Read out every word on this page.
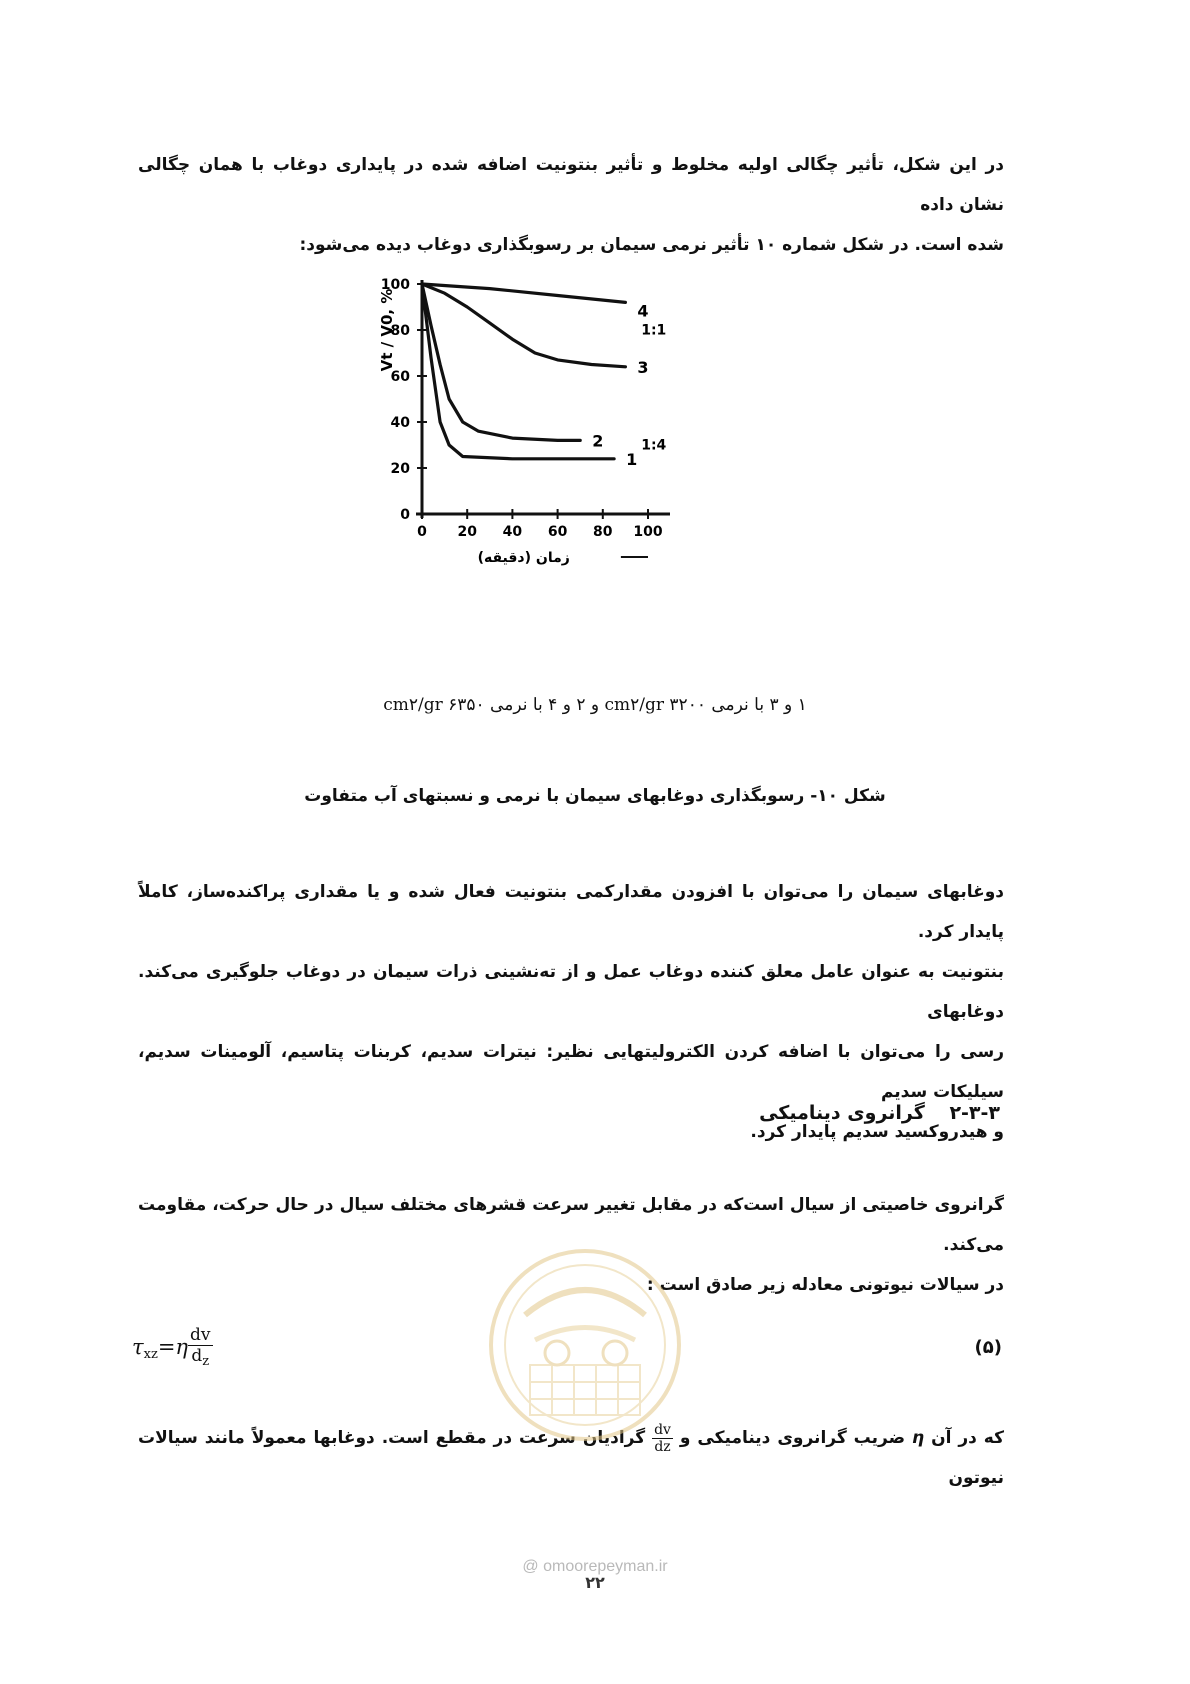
در این شکل، تأثیر چگالی اولیه مخلوط و تأثیر بنتونیت اضافه شده در پایداری دوغاب با همان چگالی نشان داده

شده است. در شکل شماره ۱۰ تأثیر نرمی سیمان بر رسوبگذاری دوغاب دیده می‌شود:

0
20
40
60
80
100
0 20 40 60 80 100
Vt / V0, %
زمان (دقیقه)
1
2
3
4
1:1
1:4

۱ و ۳ با نرمی cm۲/gr ۳۲۰۰ و ۲ و ۴ با نرمی cm۲/gr ۶۳۵۰

شکل ۱۰- رسوبگذاری دوغابهای سیمان با نرمی و نسبتهای آب متفاوت

دوغابهای سیمان را می‌توان با افزودن مقدارکمی بنتونیت فعال شده و یا مقداری پراکنده‌ساز، کاملاً پایدار کرد.

بنتونیت به عنوان عامل معلق کننده دوغاب عمل و از تەنشینی ذرات سیمان در دوغاب جلوگیری می‌کند. دوغابهای

رسی را می‌توان با اضافه کردن الکترولیتهایی نظیر: نیترات سدیم، کربنات پتاسیم، آلومینات سدیم، سیلیکات سدیم

و هیدروکسید سدیم پایدار کرد.

۲-۳-۳ گرانروی دینامیکی

گرانروی خاصیتی از سیال است‌که در مقابل تغییر سرعت قشرهای مختلف سیال در حال حرکت، مقاومت می‌کند.

در سیالات نیوتونی معادله زیر صادق است :

$\tau_{xz}=\eta \frac{dv}{d_z}$	(۵)

که در آن η ضریب گرانروی دینامیکی و
$\frac{dv}{dz}$
گرادیان سرعت در مقطع است. دوغابها معمولاً مانند سیالات نیوتون

@ omoorepeyman.ir
۲۲
